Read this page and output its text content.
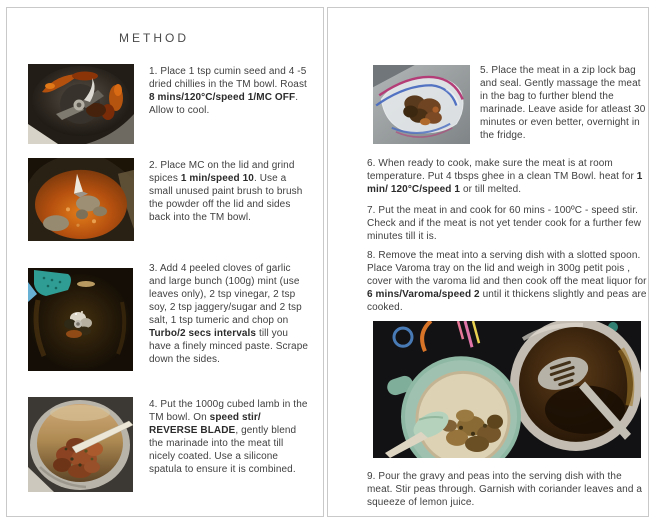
METHOD

1. Place 1 tsp cumin seed and 4 -5 dried chillies in the TM bowl. Roast 8 mins/120°C/speed 1/MC OFF. Allow to cool.

2. Place MC on the lid and grind spices 1 min/speed 10. Use a small unused paint brush to brush the powder off the lid and sides back into the TM bowl.

3. Add 4 peeled cloves of garlic and large bunch (100g) mint (use leaves only), 2 tsp vinegar, 2 tsp soy, 2 tsp jaggery/sugar and 2 tsp salt, 1 tsp tumeric and chop on Turbo/2 secs intervals till you have a finely minced paste. Scrape down the sides.

4. Put the 1000g cubed lamb in the TM bowl. On speed stir/ REVERSE BLADE, gently blend the marinade into the meat till nicely coated. Use a silicone spatula to ensure it is combined.

5. Place the meat in a zip lock bag and seal. Gently massage the meat in the bag to further blend the marinade. Leave aside for atleast 30 minutes or even better, overnight in the fridge.

6. When ready to cook, make sure the meat is at room temperature. Put 4 tbsps ghee in a clean TM Bowl. heat for 1 min/ 120°C/speed 1 or till melted.

7. Put the meat in and cook for 60 mins - 100ºC - speed stir. Check and if the meat is not yet tender cook for a further few minutes till it is.

8. Remove the meat into a serving dish with a slotted spoon. Place Varoma tray on the lid and weigh in 300g petit pois , cover with the varoma lid and then cook off the meat liquor for 6 mins/Varoma/speed 2 until it thickens slightly and peas are cooked.

9. Pour the gravy and peas into the serving dish with the meat. Stir peas through. Garnish with coriander leaves and a squeeze of lemon juice.
